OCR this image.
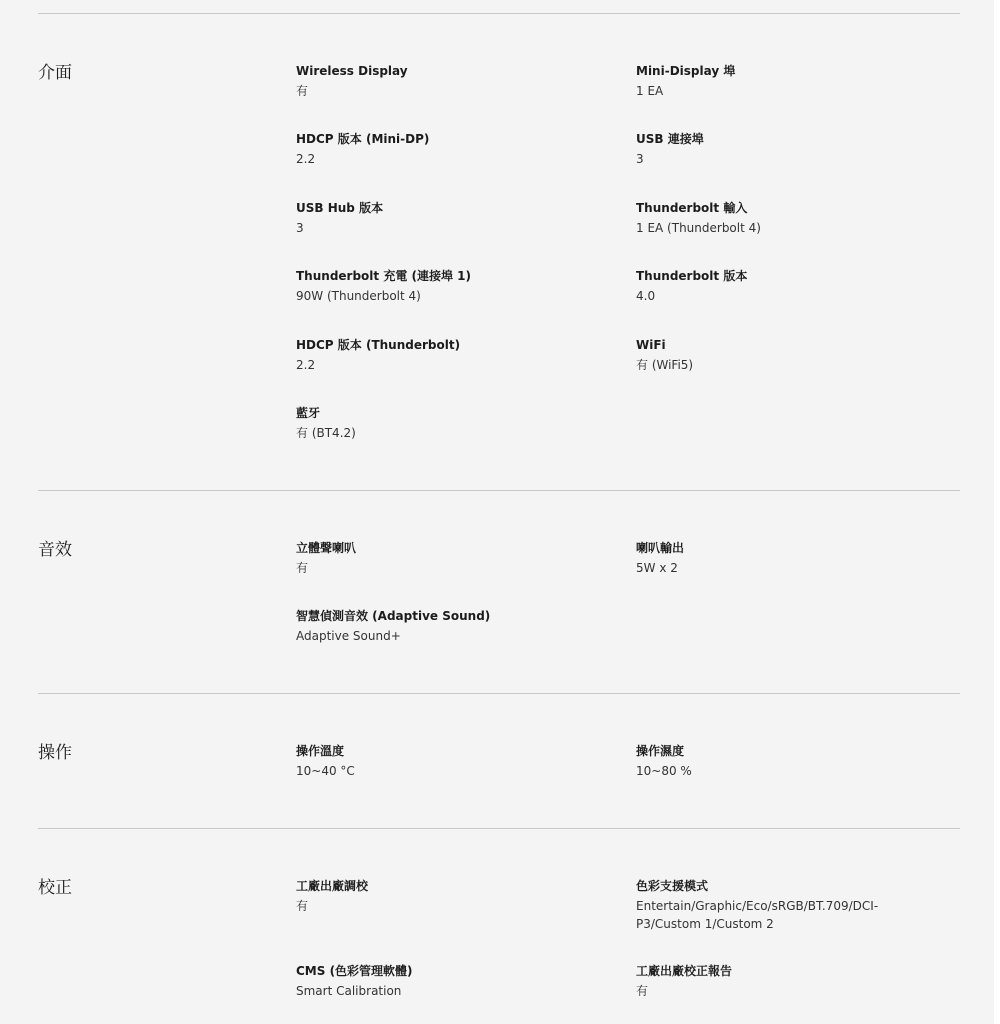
介面	Wireless Display
有
Mini-Display 埠
1 EA
HDCP 版本 (Mini-DP)
2.2
USB 連接埠
3
USB Hub 版本
3
Thunderbolt 輸入
1 EA (Thunderbolt 4)
Thunderbolt 充電 (連接埠 1)
90W (Thunderbolt 4)
Thunderbolt 版本
4.0
HDCP 版本 (Thunderbolt)
2.2
WiFi
有 (WiFi5)
藍牙
有 (BT4.2)
音效	立體聲喇叭
有
喇叭輸出
5W x 2
智慧偵測音效 (Adaptive Sound)
Adaptive Sound+
操作	操作溫度
10~40 °C
操作濕度
10~80 %
校正	工廠出廠調校
有
色彩支援模式
Entertain/Graphic/Eco/sRGB/BT.709/DCI-P3/Custom 1/Custom 2
CMS (色彩管理軟體)
Smart Calibration
工廠出廠校正報告
有
